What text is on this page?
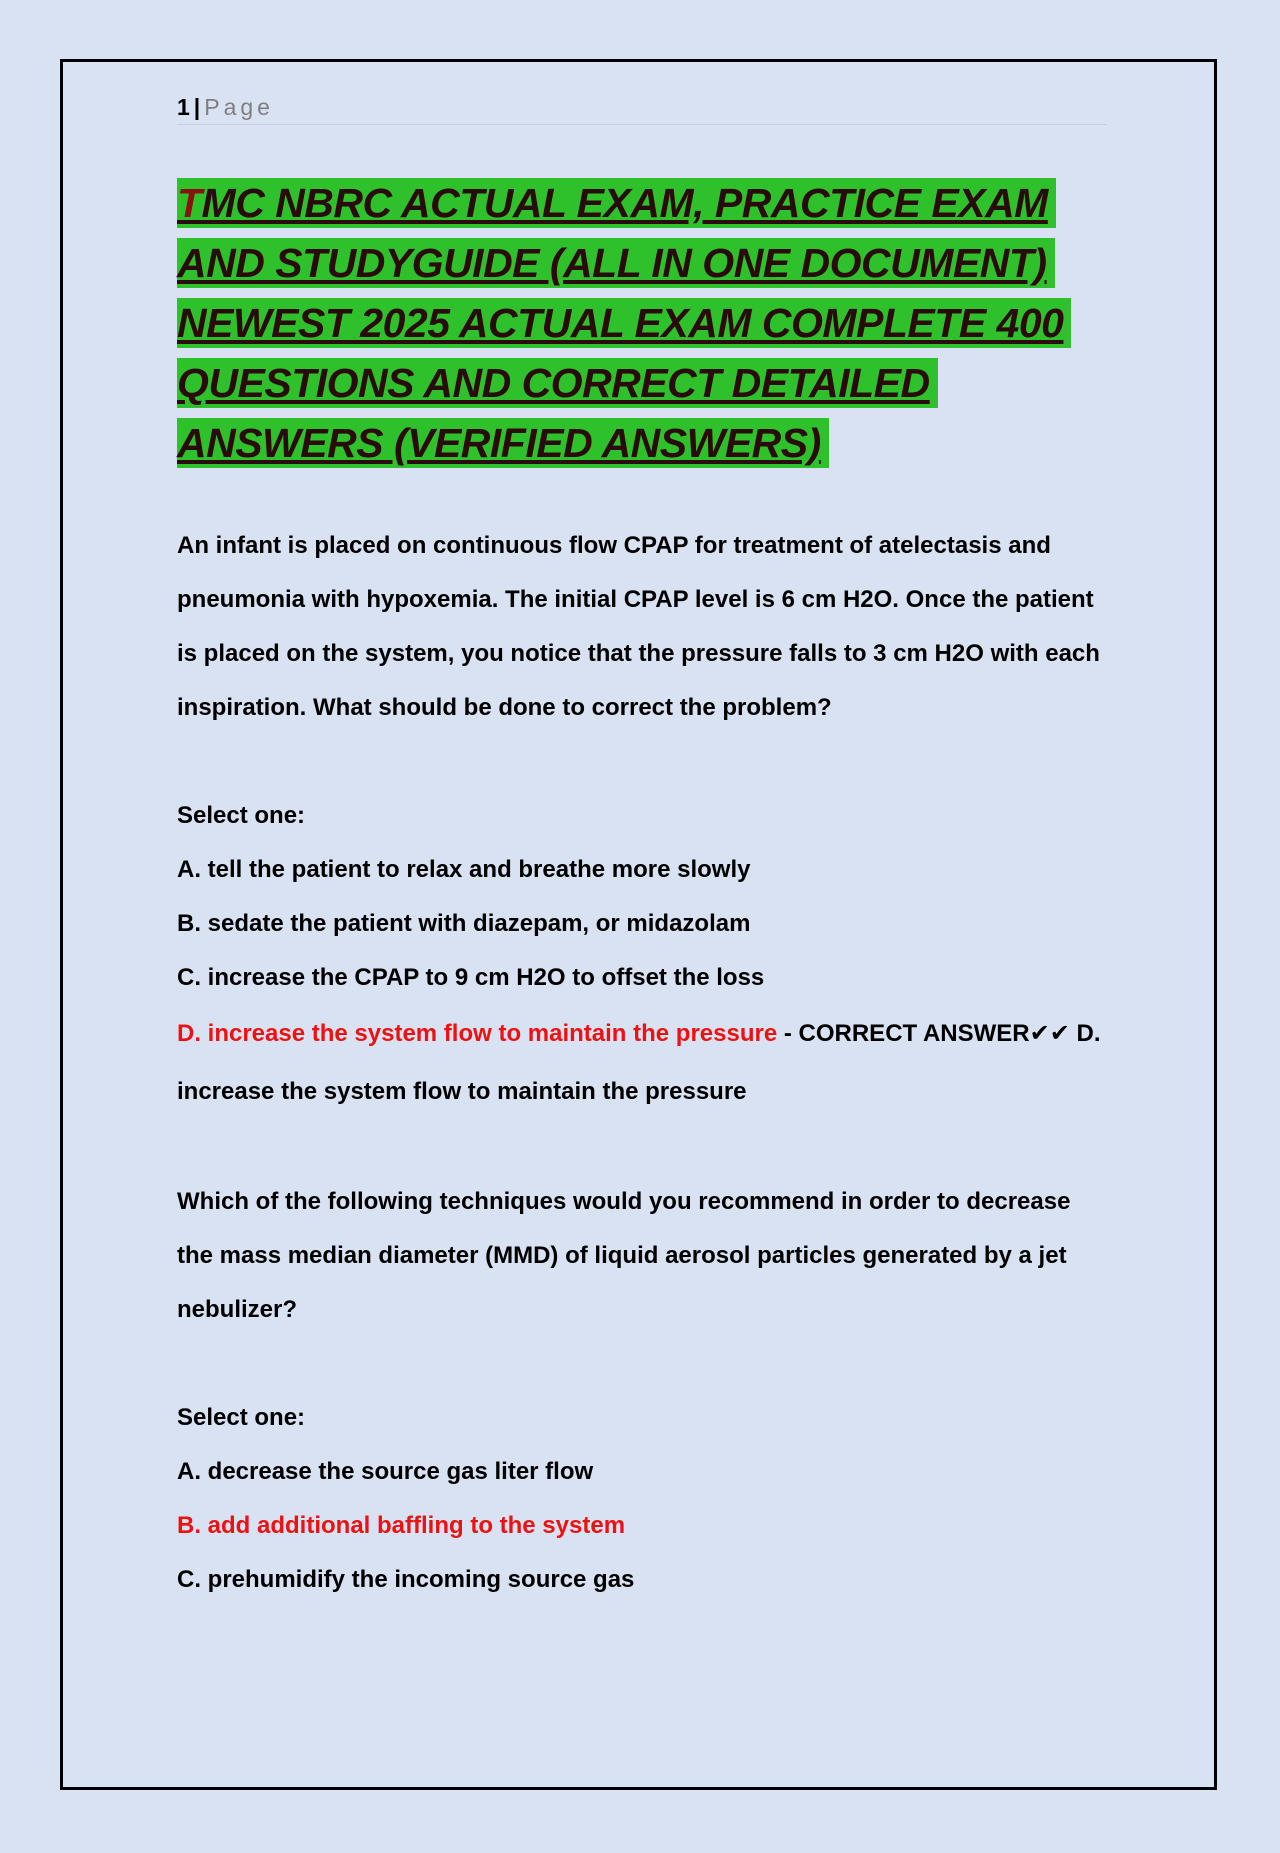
1 | Page
TMC NBRC ACTUAL EXAM, PRACTICE EXAM AND STUDYGUIDE (ALL IN ONE DOCUMENT) NEWEST 2025 ACTUAL EXAM COMPLETE 400 QUESTIONS AND CORRECT DETAILED ANSWERS (VERIFIED ANSWERS)
An infant is placed on continuous flow CPAP for treatment of atelectasis and pneumonia with hypoxemia. The initial CPAP level is 6 cm H2O. Once the patient is placed on the system, you notice that the pressure falls to 3 cm H2O with each inspiration. What should be done to correct the problem?
Select one:
A. tell the patient to relax and breathe more slowly
B. sedate the patient with diazepam, or midazolam
C. increase the CPAP to 9 cm H2O to offset the loss
D. increase the system flow to maintain the pressure - CORRECT ANSWER✔✔ D. increase the system flow to maintain the pressure
Which of the following techniques would you recommend in order to decrease the mass median diameter (MMD) of liquid aerosol particles generated by a jet nebulizer?
Select one:
A. decrease the source gas liter flow
B. add additional baffling to the system
C. prehumidify the incoming source gas
